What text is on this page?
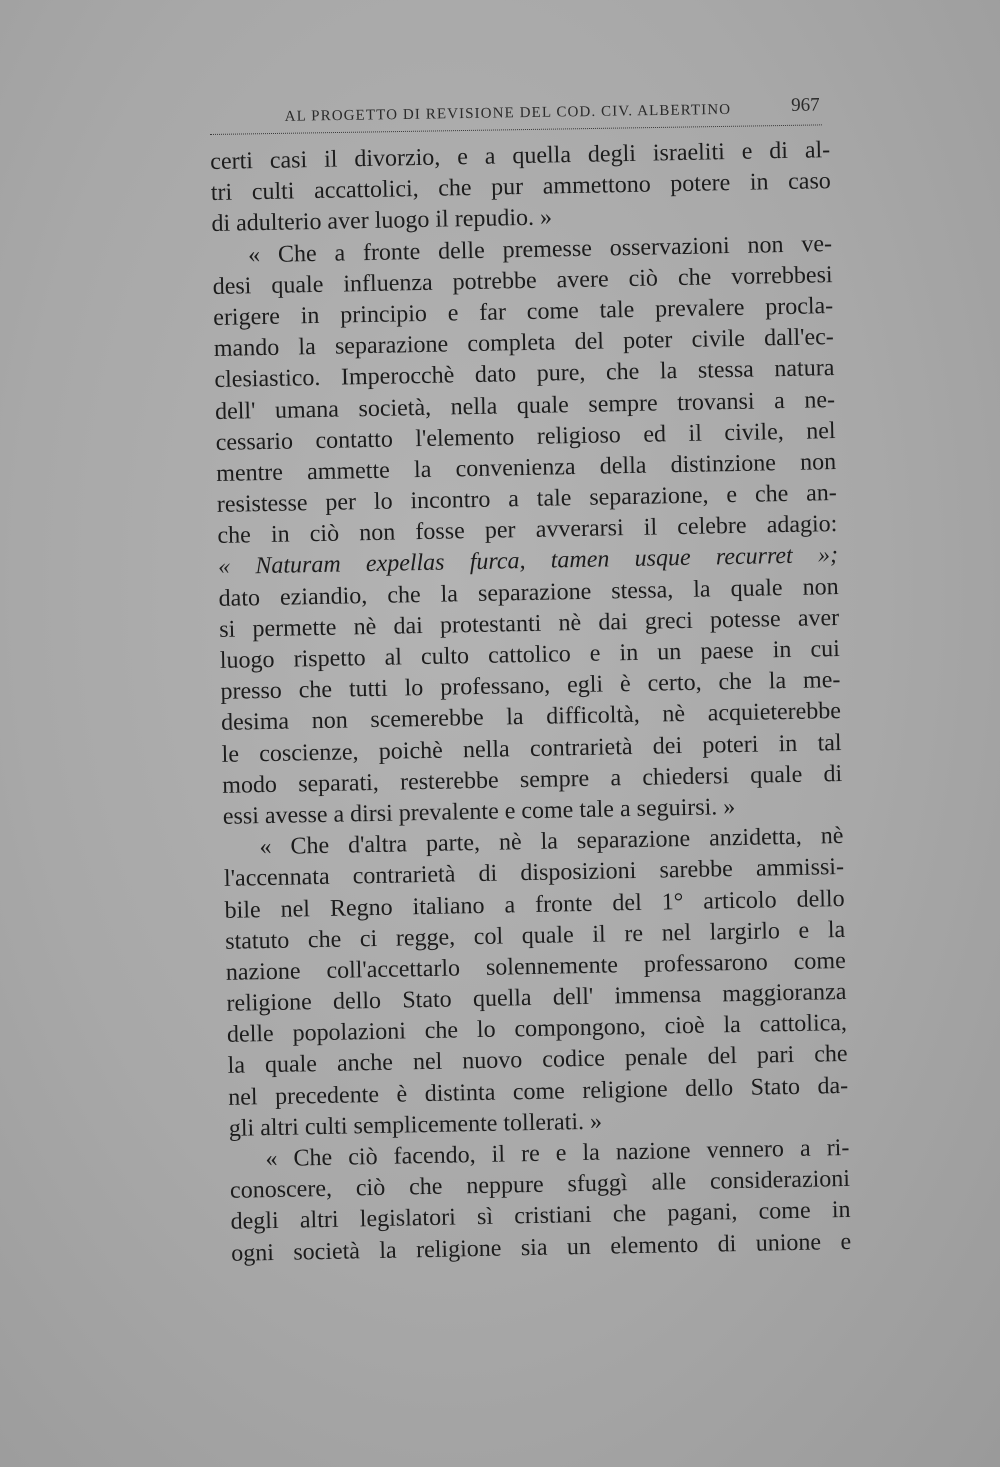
AL PROGETTO DI REVISIONE DEL COD. CIV. ALBERTINO	967
certi casi il divorzio, e a quella degli israeliti e di al-
tri culti accattolici, che pur ammettono potere in caso
di adulterio aver luogo il repudio. »
« Che a fronte delle premesse osservazioni non ve-
desi quale influenza potrebbe avere ciò che vorrebbesi
erigere in principio e far come tale prevalere procla-
mando la separazione completa del poter civile dall'ec-
clesiastico. Imperocchè dato pure, che la stessa natura
dell' umana società, nella quale sempre trovansi a ne-
cessario contatto l'elemento religioso ed il civile, nel
mentre ammette la convenienza della distinzione non
resistesse per lo incontro a tale separazione, e che an-
che in ciò non fosse per avverarsi il celebre adagio:
« Naturam expellas furca, tamen usque recurret »;
dato eziandio, che la separazione stessa, la quale non
si permette nè dai protestanti nè dai greci potesse aver
luogo rispetto al culto cattolico e in un paese in cui
presso che tutti lo professano, egli è certo, che la me-
desima non scemerebbe la difficoltà, nè acquieterebbe
le coscienze, poichè nella contrarietà dei poteri in tal
modo separati, resterebbe sempre a chiedersi quale di
essi avesse a dirsi prevalente e come tale a seguirsi. »
« Che d'altra parte, nè la separazione anzidetta, nè
l'accennata contrarietà di disposizioni sarebbe ammissi-
bile nel Regno italiano a fronte del 1° articolo dello
statuto che ci regge, col quale il re nel largirlo e la
nazione coll'accettarlo solennemente professarono come
religione dello Stato quella dell' immensa maggioranza
delle popolazioni che lo compongono, cioè la cattolica,
la quale anche nel nuovo codice penale del pari che
nel precedente è distinta come religione dello Stato da-
gli altri culti semplicemente tollerati. »
« Che ciò facendo, il re e la nazione vennero a ri-
conoscere, ciò che neppure sfuggì alle considerazioni
degli altri legislatori sì cristiani che pagani, come in
ogni società la religione sia un elemento di unione e
